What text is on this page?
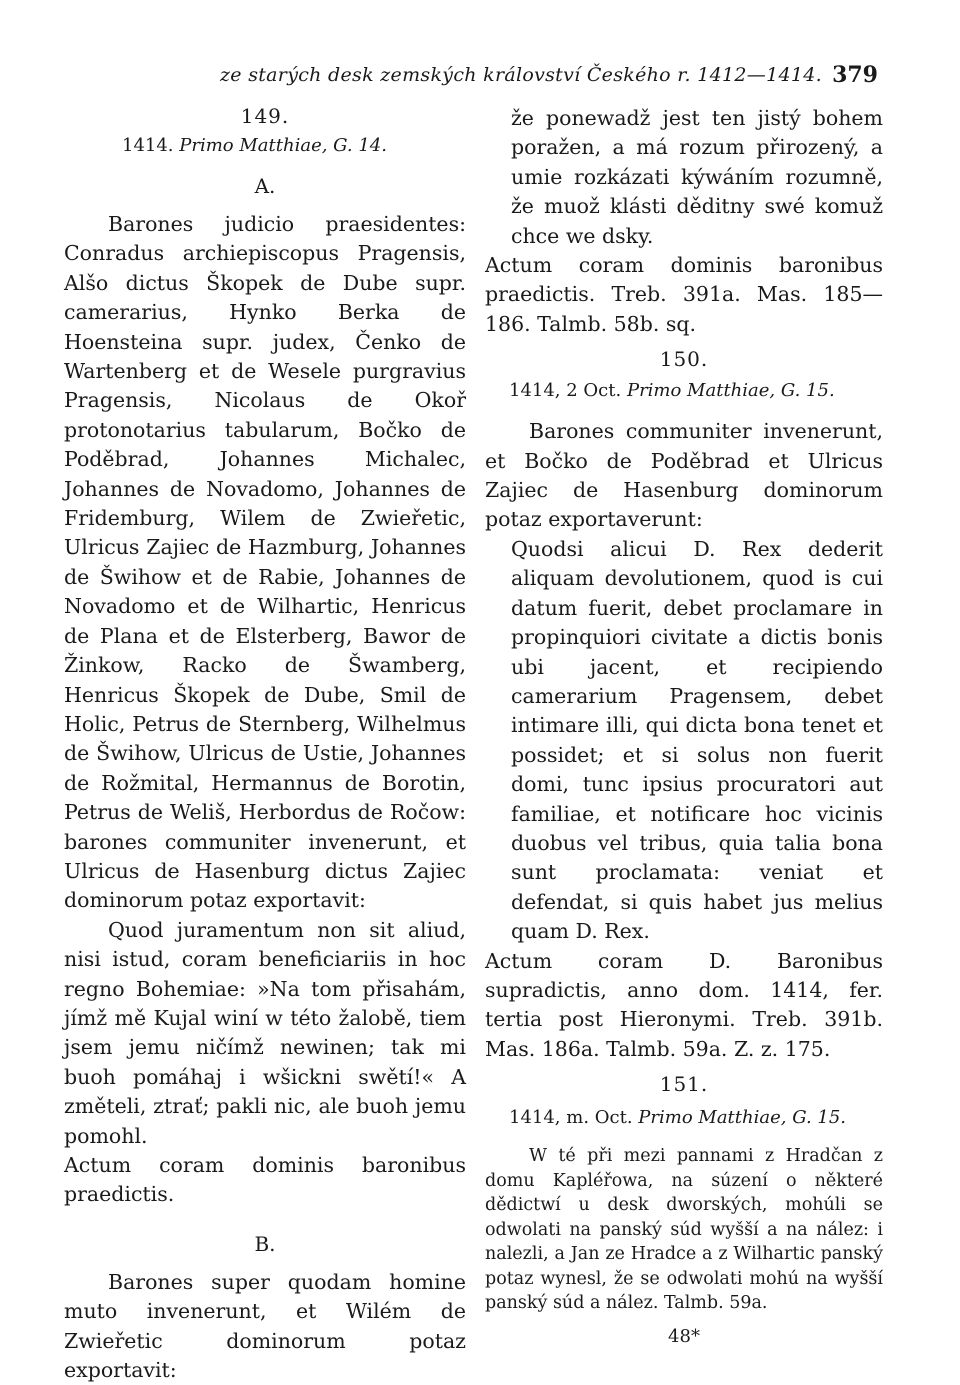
ze starých desk zemských království Českého r. 1412—1414. 379

149.

1414. Primo Matthiae, G. 14.

A.

Barones judicio praesidentes: Conradus archiepiscopus Pragensis, Alšo dictus Škopek de Dube supr. camerarius, Hynko Berka de Hoensteina supr. judex, Čenko de Wartenberg et de Wesele purgravius Pragensis, Nicolaus de Okoř protonotarius tabularum, Bočko de Poděbrad, Johannes Michalec, Johannes de Novadomo, Johannes de Fridemburg, Wilem de Zwieřetic, Ulricus Zajiec de Hazmburg, Johannes de Šwihow et de Rabie, Johannes de Novadomo et de Wilhartic, Henricus de Plana et de Elsterberg, Bawor de Žinkow, Racko de Šwamberg, Henricus Škopek de Dube, Smil de Holic, Petrus de Sternberg, Wilhelmus de Šwihow, Ulricus de Ustie, Johannes de Rožmital, Hermannus de Borotin, Petrus de Weliš, Herbordus de Ročow: barones communiter invenerunt, et Ulricus de Hasenburg dictus Zajiec dominorum potaz exportavit:

Quod juramentum non sit aliud, nisi istud, coram beneficiariis in hoc regno Bohemiae: »Na tom přisahám, jímž mě Kujal winí w této žalobě, tiem jsem jemu ničímž newinen; tak mi buoh pomáhaj i wšickni swětí!« A změteli, ztrať; pakli nic, ale buoh jemu pomohl.

Actum coram dominis baronibus praedictis.

B.

Barones super quodam homine muto invenerunt, et Wilém de Zwieřetic dominorum potaz exportavit:

že ponewadž jest ten jistý bohem poražen, a má rozum přirozený, a umie rozkázati kýwáním rozumně, že muož klásti děditny swé komuž chce we dsky.

Actum coram dominis baronibus praedictis. Treb. 391a. Mas. 185—186. Talmb. 58b. sq.

150.

1414, 2 Oct. Primo Matthiae, G. 15.

Barones communiter invenerunt, et Bočko de Poděbrad et Ulricus Zajiec de Hasenburg dominorum potaz exportaverunt:

Quodsi alicui D. Rex dederit aliquam devolutionem, quod is cui datum fuerit, debet proclamare in propinquiori civitate a dictis bonis ubi jacent, et recipiendo camerarium Pragensem, debet intimare illi, qui dicta bona tenet et possidet; et si solus non fuerit domi, tunc ipsius procuratori aut familiae, et notificare hoc vicinis duobus vel tribus, quia talia bona sunt proclamata: veniat et defendat, si quis habet jus melius quam D. Rex.

Actum coram D. Baronibus supradictis, anno dom. 1414, fer. tertia post Hieronymi. Treb. 391b. Mas. 186a. Talmb. 59a. Z. z. 175.

151.

1414, m. Oct. Primo Matthiae, G. 15.

W té při mezi pannami z Hradčan z domu Kapléřowa, na súzení o některé dědictwí u desk dworských, mohúli se odwolati na panský súd wyšší a na nález: i nalezli, a Jan ze Hradce a z Wilhartic panský potaz wynesl, že se odwolati mohú na wyšší panský súd a nález. Talmb. 59a.

48*
